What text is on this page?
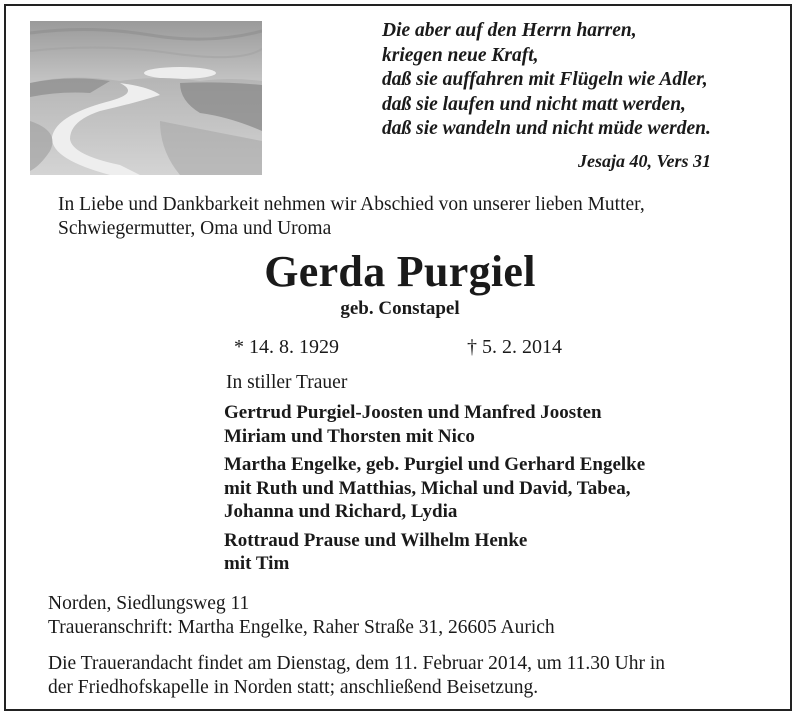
Die aber auf den Herrn harren,
kriegen neue Kraft,
daß sie auffahren mit Flügeln wie Adler,
daß sie laufen und nicht matt werden,
daß sie wandeln und nicht müde werden.
Jesaja 40, Vers 31
In Liebe und Dankbarkeit nehmen wir Abschied von unserer lieben Mutter,
Schwiegermutter, Oma und Uroma
Gerda Purgiel
geb. Constapel
* 14. 8. 1929	† 5. 2. 2014
In stiller Trauer
Gertrud Purgiel-Joosten und Manfred Joosten
Miriam und Thorsten mit Nico
Martha Engelke, geb. Purgiel und Gerhard Engelke
mit Ruth und Matthias, Michal und David, Tabea,
Johanna und Richard, Lydia
Rottraud Prause und Wilhelm Henke
mit Tim
Norden, Siedlungsweg 11
Traueranschrift: Martha Engelke, Raher Straße 31, 26605 Aurich
Die Trauerandacht findet am Dienstag, dem 11. Februar 2014, um 11.30 Uhr in
der Friedhofskapelle in Norden statt; anschließend Beisetzung.
